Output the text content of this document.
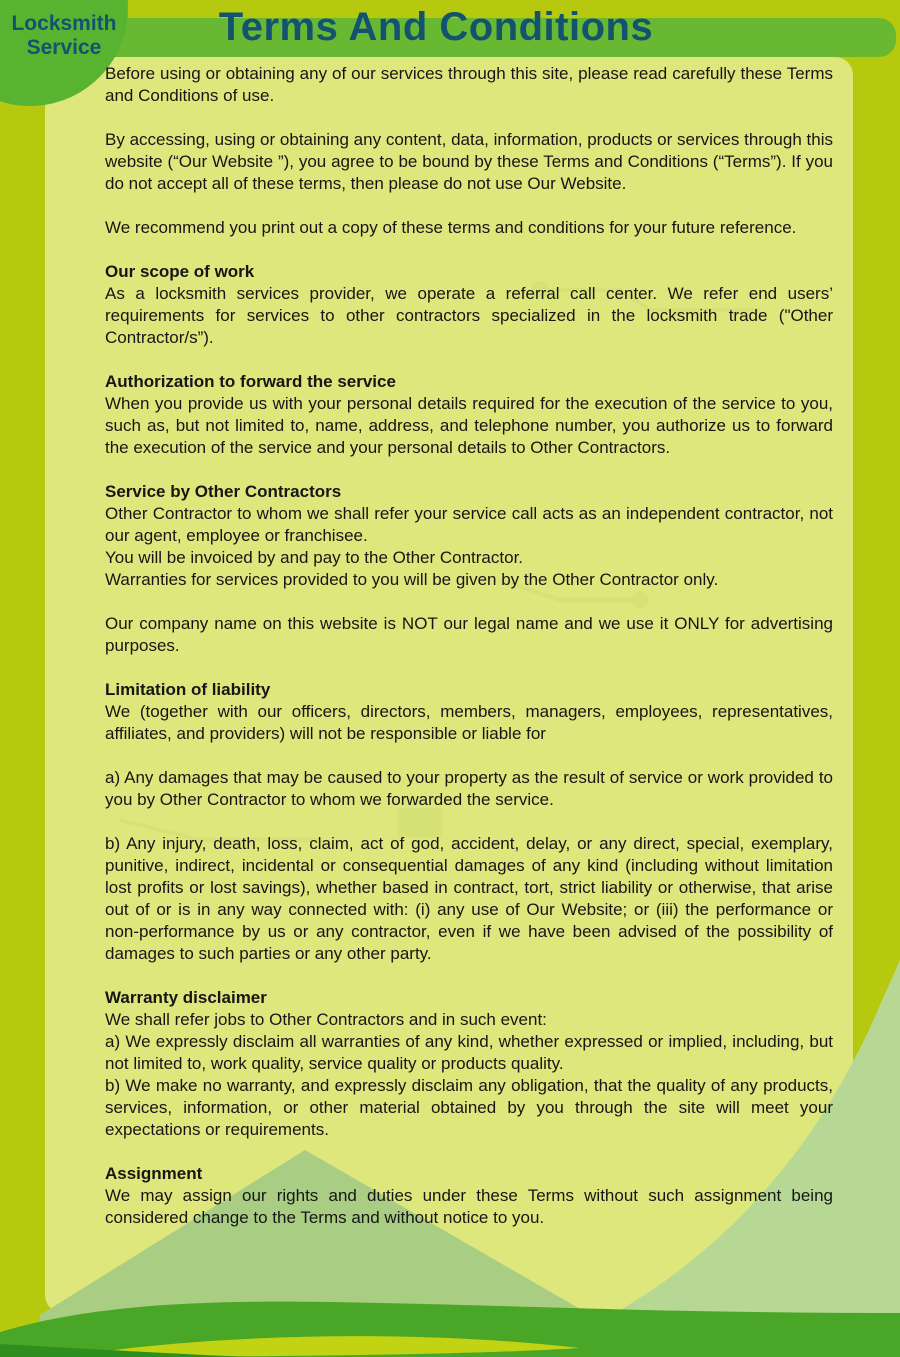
Locksmith
Service	Terms And Conditions

Before using or obtaining any of our services through this site, please read carefully these Terms and Conditions of use.

By accessing, using or obtaining any content, data, information, products or services through this website (“Our Website ”), you agree to be bound by these Terms and Conditions (“Terms”). If you do not accept all of these terms, then please do not use Our Website.

We recommend you print out a copy of these terms and conditions for your future reference.

Our scope of work

As a locksmith services provider, we operate a referral call center. We refer end users’ requirements for services to other contractors specialized in the locksmith trade ("Other Contractor/s”).

Authorization to forward the service

When you provide us with your personal details required for the execution of the service to you, such as, but not limited to, name, address, and telephone number, you authorize us to forward the execution of the service and your personal details to Other Contractors.

Service by Other Contractors

Other Contractor to whom we shall refer your service call acts as an independent contractor, not our agent, employee or franchisee.

You will be invoiced by and pay to the Other Contractor.

Warranties for services provided to you will be given by the Other Contractor only.

Our company name on this website is NOT our legal name and we use it ONLY for advertising purposes.

Limitation of liability

We (together with our officers, directors, members, managers, employees, representatives, affiliates, and providers) will not be responsible or liable for

a) Any damages that may be caused to your property as the result of service or work provided to you by Other Contractor to whom we forwarded the service.

b) Any injury, death, loss, claim, act of god, accident, delay, or any direct, special, exemplary, punitive, indirect, incidental or consequential damages of any kind (including without limitation lost profits or lost savings), whether based in contract, tort, strict liability or otherwise, that arise out of or is in any way connected with: (i) any use of Our Website; or (iii) the performance or non-performance by us or any contractor, even if we have been advised of the possibility of damages to such parties or any other party.

Warranty disclaimer

We shall refer jobs to Other Contractors and in such event:

a) We expressly disclaim all warranties of any kind, whether expressed or implied, including, but not limited to, work quality, service quality or products quality.

b) We make no warranty, and expressly disclaim any obligation, that the quality of any products, services, information, or other material obtained by you through the site will meet your expectations or requirements.

Assignment

We may assign our rights and duties under these Terms without such assignment being considered change to the Terms and without notice to you.
